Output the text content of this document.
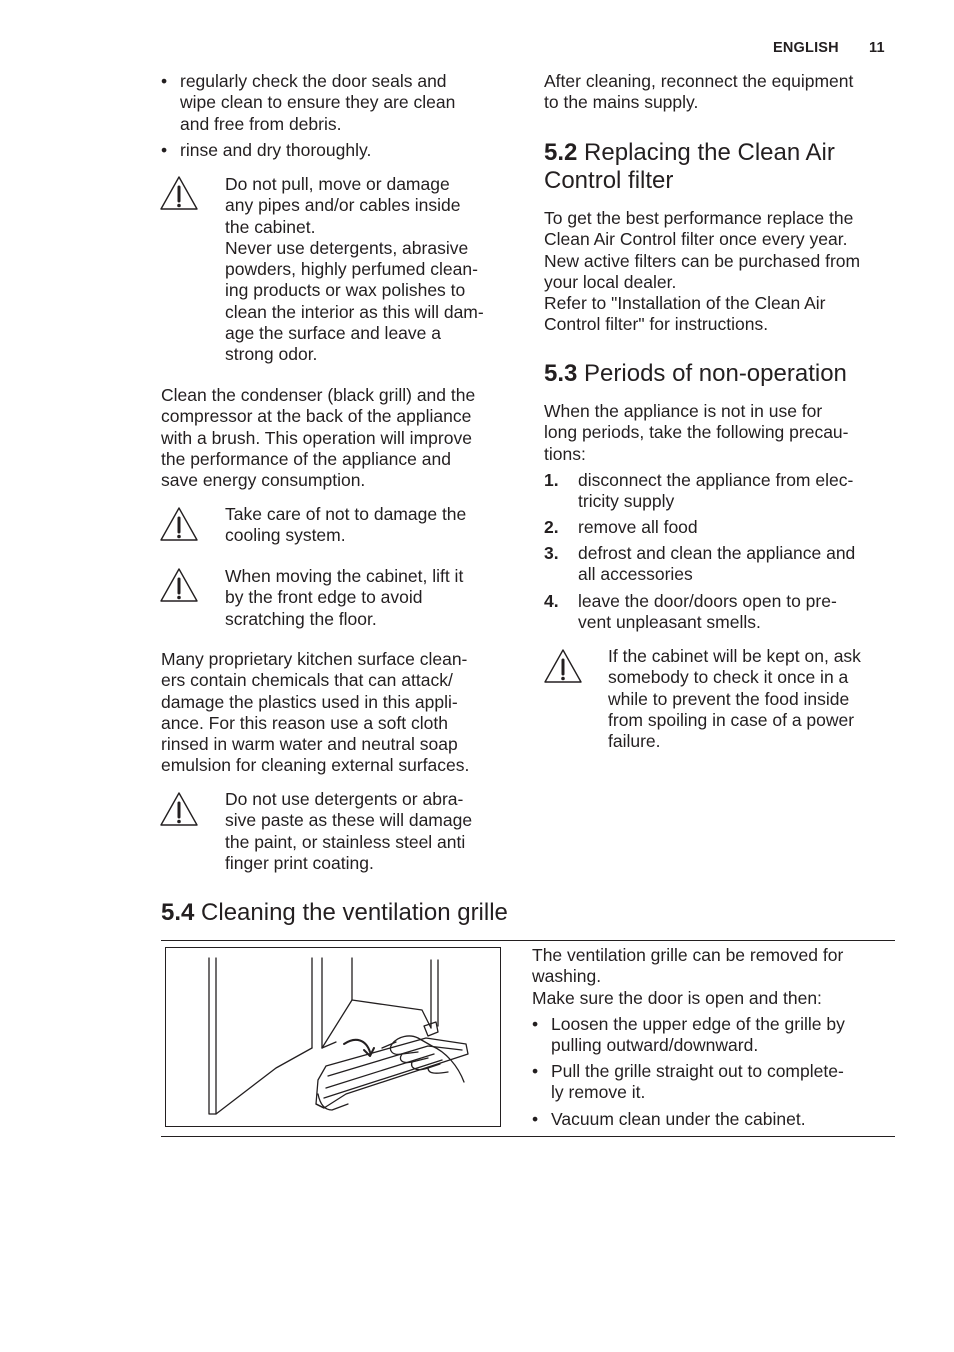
ENGLISH 11
• regularly check the door seals and
wipe clean to ensure they are clean
and free from debris.
• rinse and dry thoroughly.
Do not pull, move or damage
any pipes and/or cables inside
the cabinet.
Never use detergents, abrasive
powders, highly perfumed clean-
ing products or wax polishes to
clean the interior as this will dam-
age the surface and leave a
strong odor.
Clean the condenser (black grill) and the
compressor at the back of the appliance
with a brush. This operation will improve
the performance of the appliance and
save energy consumption.
Take care of not to damage the
cooling system.
When moving the cabinet, lift it
by the front edge to avoid
scratching the floor.
Many proprietary kitchen surface clean-
ers contain chemicals that can attack/
damage the plastics used in this appli-
ance. For this reason use a soft cloth
rinsed in warm water and neutral soap
emulsion for cleaning external surfaces.
Do not use detergents or abra-
sive paste as these will damage
the paint, or stainless steel anti
finger print coating.
After cleaning, reconnect the equipment
to the mains supply.
5.2 Replacing the Clean Air
Control filter
To get the best performance replace the
Clean Air Control filter once every year.
New active filters can be purchased from
your local dealer.
Refer to "Installation of the Clean Air
Control filter" for instructions.
5.3 Periods of non-operation
When the appliance is not in use for
long periods, take the following precau-
tions:
1. disconnect the appliance from elec-
tricity supply
2. remove all food
3. defrost and clean the appliance and
all accessories
4. leave the door/doors open to pre-
vent unpleasant smells.
If the cabinet will be kept on, ask
somebody to check it once in a
while to prevent the food inside
from spoiling in case of a power
failure.
5.4 Cleaning the ventilation grille
The ventilation grille can be removed for
washing.
Make sure the door is open and then:
• Loosen the upper edge of the grille by
pulling outward/downward.
• Pull the grille straight out to complete-
ly remove it.
• Vacuum clean under the cabinet.
